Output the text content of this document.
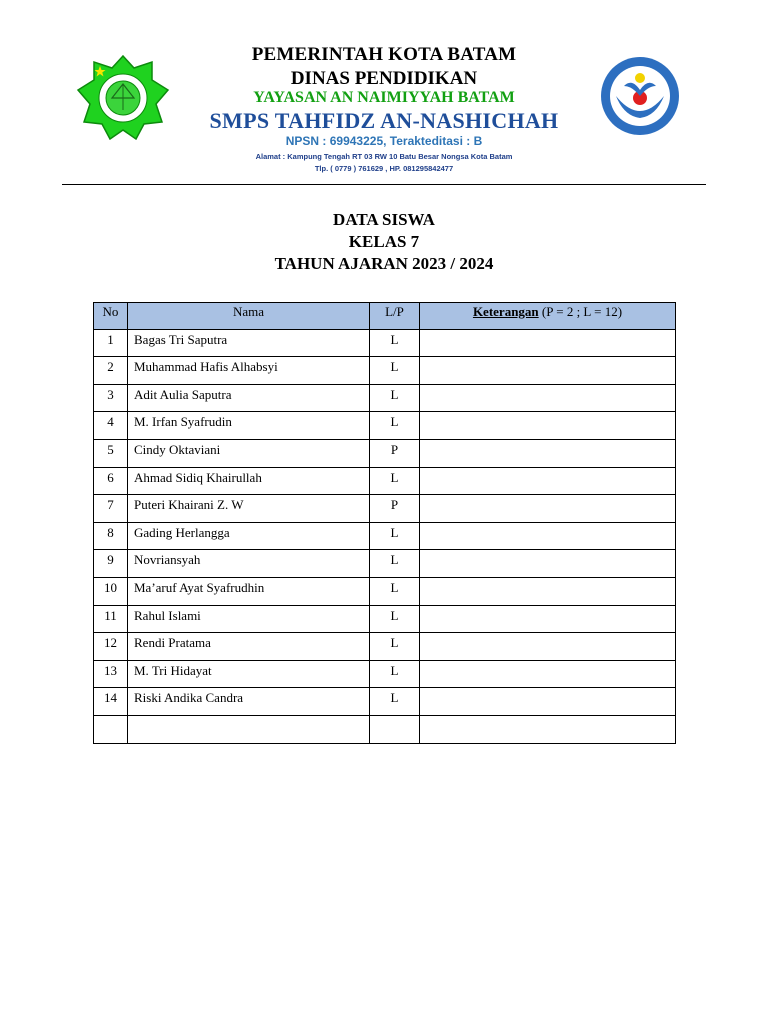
PEMERINTAH KOTA BATAM
DINAS PENDIDIKAN
YAYASAN AN NAIMIYYAH BATAM
SMPS TAHFIDZ AN-NASHICHAH
NPSN : 69943225, Terakteditasi : B
Alamat : Kampung Tengah RT 03 RW 10 Batu Besar Nongsa Kota Batam
Tlp. ( 0779 ) 761629 , HP. 081295842477
DATA SISWA
KELAS 7
TAHUN AJARAN 2023 / 2024
No	Nama	L/P	Keterangan (P = 2 ; L = 12)
1	Bagas Tri Saputra	L	
2	Muhammad Hafis Alhabsyi	L	
3	Adit Aulia Saputra	L	
4	M. Irfan Syafrudin	L	
5	Cindy Oktaviani	P	
6	Ahmad Sidiq Khairullah	L	
7	Puteri Khairani Z. W	P	
8	Gading Herlangga	L	
9	Novriansyah	L	
10	Ma’aruf Ayat Syafrudhin	L	
11	Rahul Islami	L	
12	Rendi Pratama	L	
13	M. Tri Hidayat	L	
14	Riski Andika Candra	L	
